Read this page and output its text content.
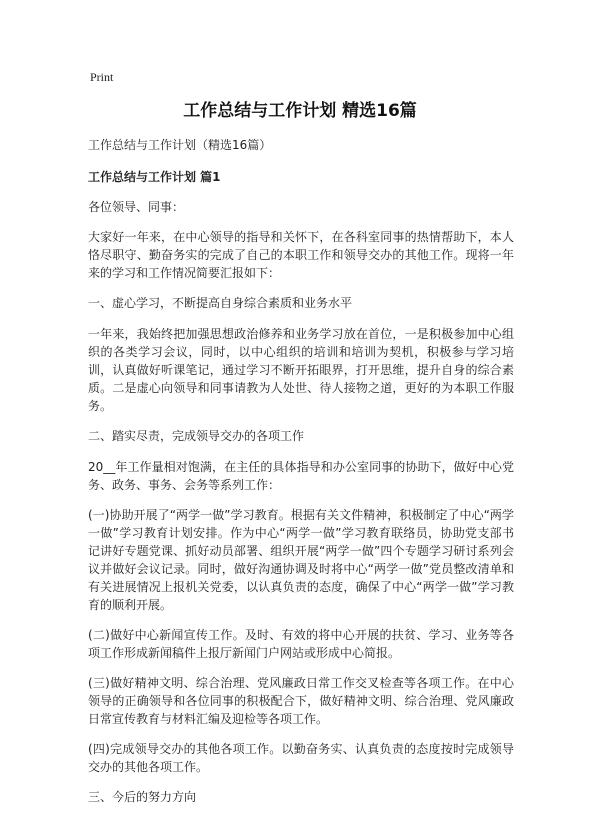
Print
工作总结与工作计划 精选16篇

工作总结与工作计划（精选16篇）

工作总结与工作计划 篇1

各位领导、同事：

大家好一年来，在中心领导的指导和关怀下，在各科室同事的热情帮助下，本人恪尽职守、勤奋务实的完成了自己的本职工作和领导交办的其他工作。现将一年来的学习和工作情况简要汇报如下：

一、虚心学习，不断提高自身综合素质和业务水平

一年来，我始终把加强思想政治修养和业务学习放在首位，一是积极参加中心组织的各类学习会议，同时，以中心组织的培训和培训为契机，积极参与学习培训，认真做好听课笔记，通过学习不断开拓眼界，打开思维，提升自身的综合素质。二是虚心向领导和同事请教为人处世、待人接物之道，更好的为本职工作服务。

二、踏实尽责，完成领导交办的各项工作

20__年工作量相对饱满，在主任的具体指导和办公室同事的协助下，做好中心党务、政务、事务、会务等系列工作：

(一)协助开展了“两学一做”学习教育。根据有关文件精神，积极制定了中心“两学一做”学习教育计划安排。作为中心“两学一做”学习教育联络员，协助党支部书记讲好专题党课、抓好动员部署、组织开展“两学一做”四个专题学习研讨系列会议并做好会议记录。同时，做好沟通协调及时将中心“两学一做”党员整改清单和有关进展情况上报机关党委，以认真负责的态度，确保了中心“两学一做”学习教育的顺利开展。

(二)做好中心新闻宣传工作。及时、有效的将中心开展的扶贫、学习、业务等各项工作形成新闻稿件上报厅新闻门户网站或形成中心简报。

(三)做好精神文明、综合治理、党风廉政日常工作交叉检查等各项工作。在中心领导的正确领导和各位同事的积极配合下，做好精神文明、综合治理、党风廉政日常宣传教育与材料汇编及迎检等各项工作。

(四)完成领导交办的其他各项工作。以勤奋务实、认真负责的态度按时完成领导交办的其他各项工作。

三、今后的努力方向
